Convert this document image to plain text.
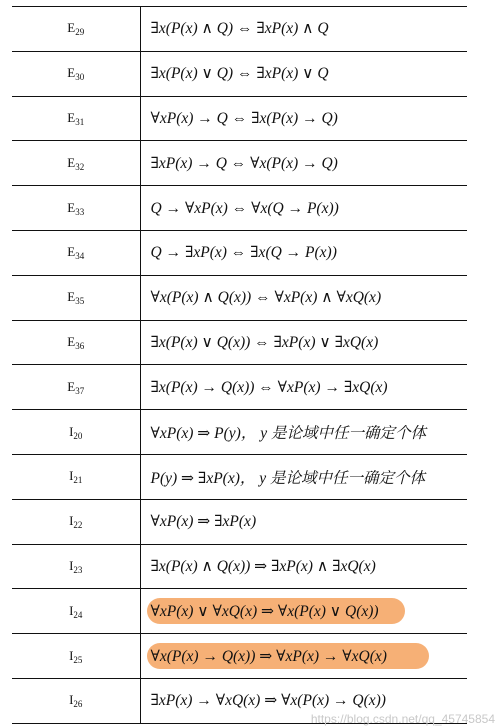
$E_{29}$	∃x(P(x) ∧ Q) ⇔ ∃xP(x) ∧ Q
$E_{30}$	∃x(P(x) ∨ Q) ⇔ ∃xP(x) ∨ Q
$E_{31}$	∀xP(x) → Q ⇔ ∃x(P(x) → Q)
$E_{32}$	∃xP(x) → Q ⇔ ∀x(P(x) → Q)
$E_{33}$	Q → ∀xP(x) ⇔ ∀x(Q → P(x))
$E_{34}$	Q → ∃xP(x) ⇔ ∃x(Q → P(x))
$E_{35}$	∀x(P(x) ∧ Q(x)) ⇔ ∀xP(x) ∧ ∀xQ(x)
$E_{36}$	∃x(P(x) ∨ Q(x)) ⇔ ∃xP(x) ∨ ∃xQ(x)
$E_{37}$	∃x(P(x) → Q(x)) ⇔ ∀xP(x) → ∃xQ(x)
$I_{20}$	∀xP(x) ⇒ P(y)， y 是论域中任一确定个体
$I_{21}$	P(y) ⇒ ∃xP(x)， y 是论域中任一确定个体
$I_{22}$	∀xP(x) ⇒ ∃xP(x)
$I_{23}$	∃x(P(x) ∧ Q(x)) ⇒ ∃xP(x) ∧ ∃xQ(x)
$I_{24}$	∀xP(x) ∨ ∀xQ(x) ⇒ ∀x(P(x) ∨ Q(x))
$I_{25}$	∀x(P(x) → Q(x)) ⇒ ∀xP(x) → ∀xQ(x)
$I_{26}$	∃xP(x) → ∀xQ(x) ⇒ ∀x(P(x) → Q(x))
https://blog.csdn.net/qq_45745854
